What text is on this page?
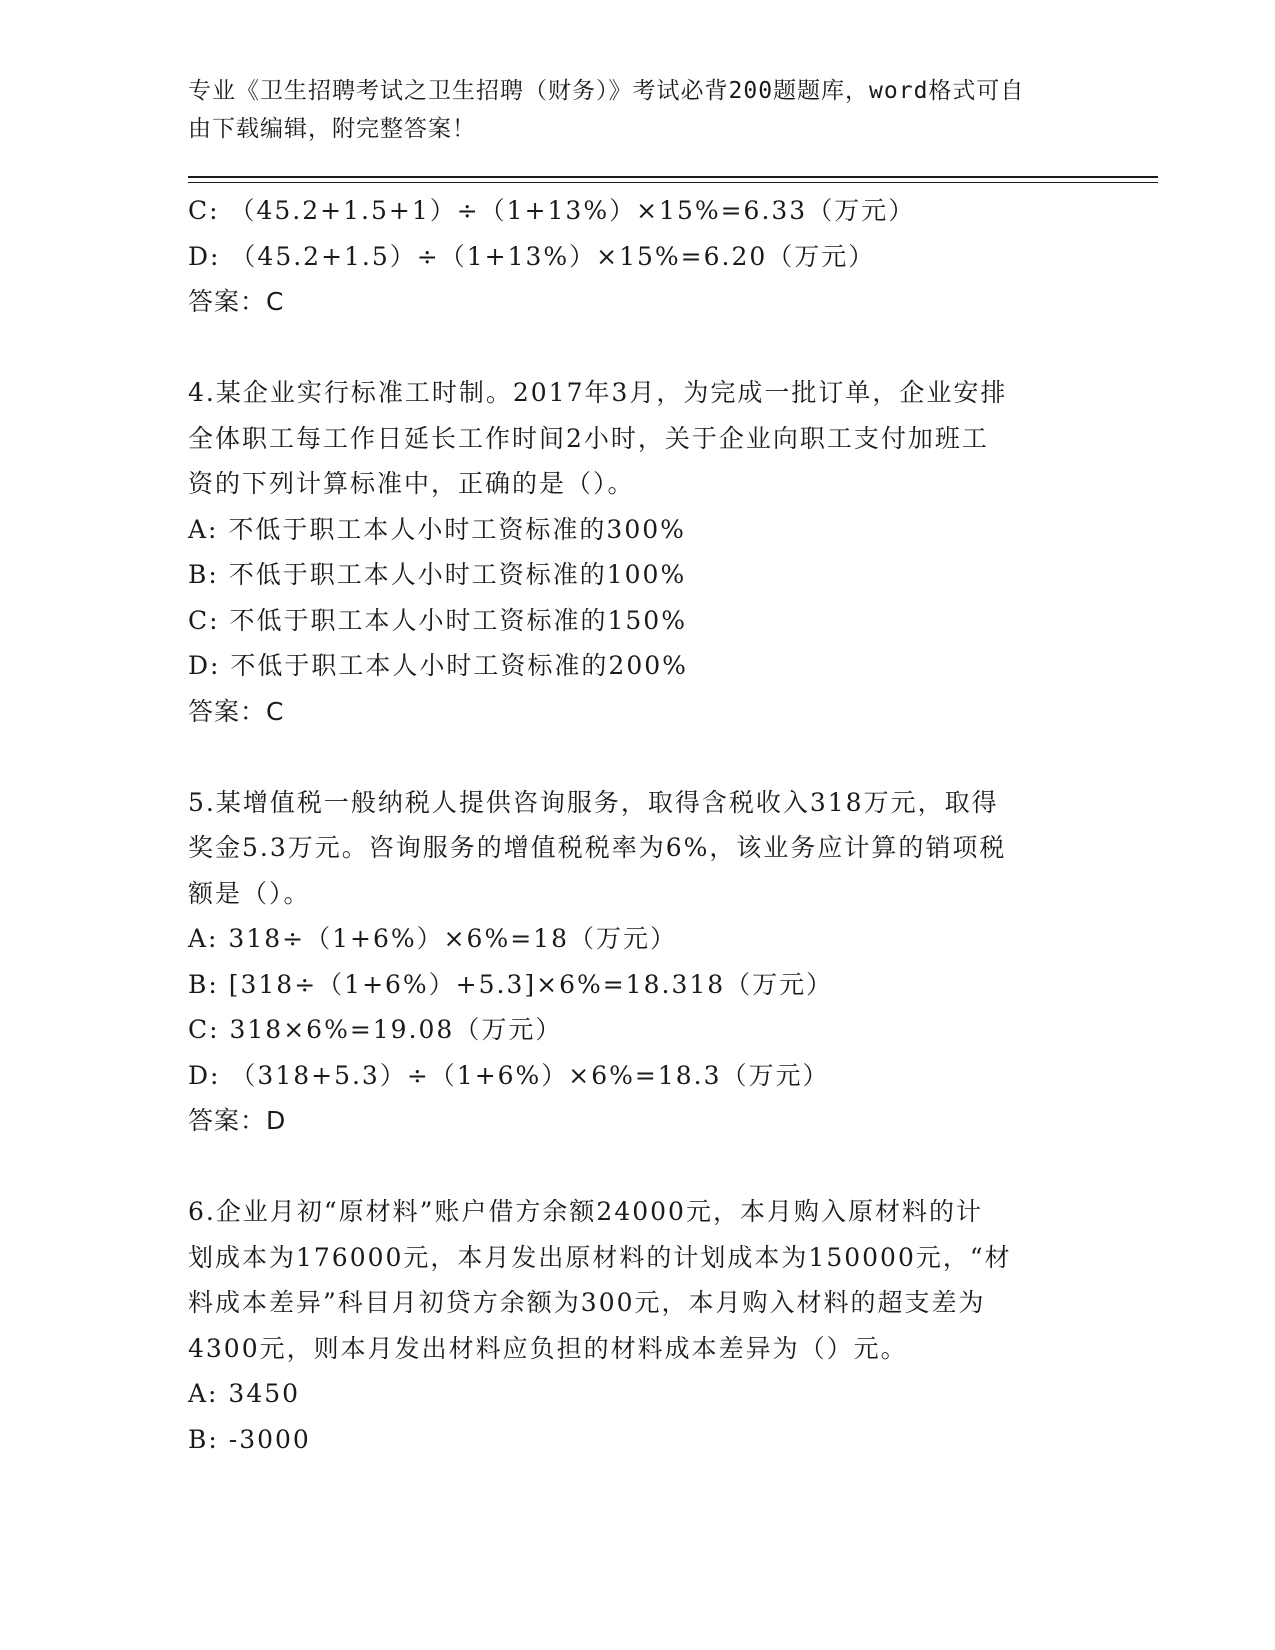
专业《卫生招聘考试之卫生招聘（财务）》考试必背200题题库，word格式可自
由下载编辑，附完整答案！
C: （45.2+1.5+1）÷（1+13%）×15%=6.33（万元）
D: （45.2+1.5）÷（1+13%）×15%=6.20（万元）
答案：C
4.某企业实行标准工时制。2017年3月，为完成一批订单，企业安排
全体职工每工作日延长工作时间2小时，关于企业向职工支付加班工
资的下列计算标准中，正确的是（）。
A: 不低于职工本人小时工资标准的300%
B: 不低于职工本人小时工资标准的100%
C: 不低于职工本人小时工资标准的150%
D: 不低于职工本人小时工资标准的200%
答案：C
5.某增值税一般纳税人提供咨询服务，取得含税收入318万元，取得
奖金5.3万元。咨询服务的增值税税率为6%，该业务应计算的销项税
额是（）。
A: 318÷（1+6%）×6%=18（万元）
B: [318÷（1+6%）+5.3]×6%=18.318（万元）
C: 318×6%=19.08（万元）
D: （318+5.3）÷（1+6%）×6%=18.3（万元）
答案：D
6.企业月初“原材料”账户借方余额24000元，本月购入原材料的计
划成本为176000元，本月发出原材料的计划成本为150000元，“材
料成本差异”科目月初贷方余额为300元，本月购入材料的超支差为
4300元，则本月发出材料应负担的材料成本差异为（）元。
A: 3450
B: -3000
